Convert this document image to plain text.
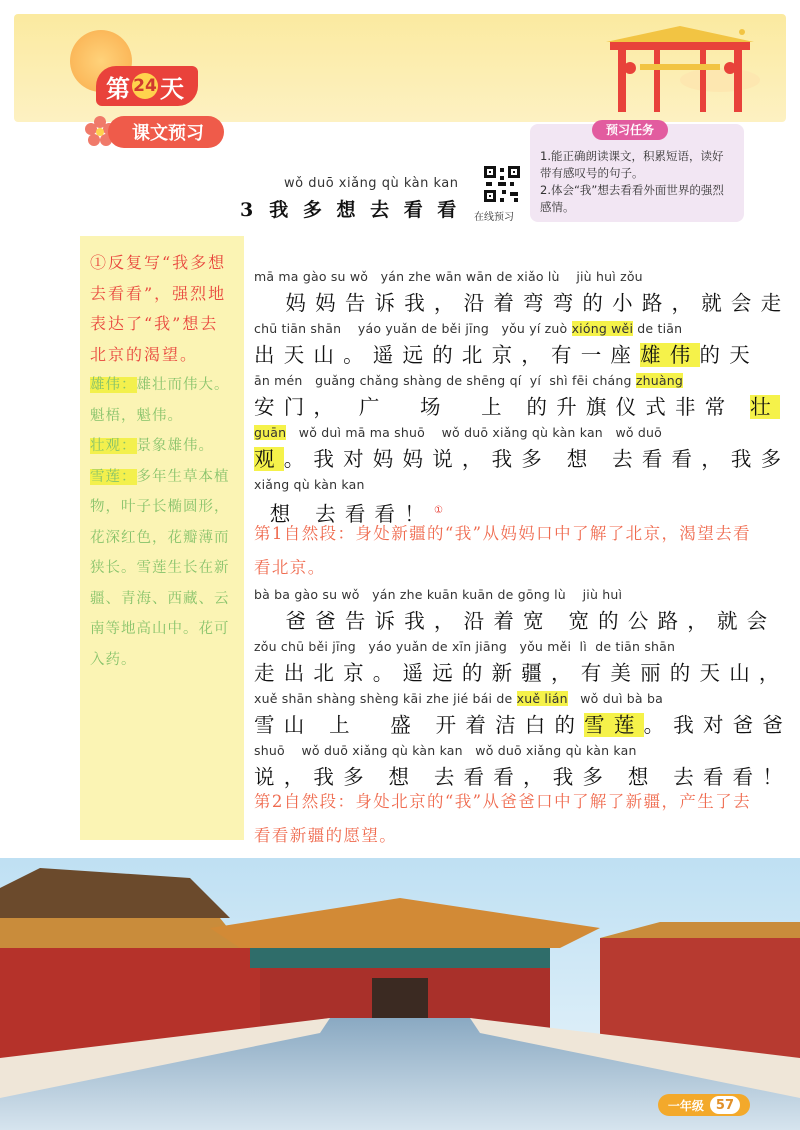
第 24 天
课文预习	预习任务
1.能正确朗读课文，积累短语，读好带有感叹号的句子。
2.体会“我”想去看看外面世界的强烈感情。
wǒ duō xiǎng qù kàn kan
3 我 多 想 去 看 看 在线预习
①反复写“我多想去看看”，强烈地表达了“我”想去北京的渴望。
雄伟：雄壮而伟大。魁梧，魁伟。
壮观：景象雄伟。
雪莲：多年生草本植物，叶子长椭圆形，花深红色，花瓣薄而狭长。雪莲生长在新疆、青海、西藏、云南等地高山中。花可入药。
mā ma gào su wǒ   yán zhe wān wān de xiǎo lù    jiù huì zǒu
妈妈告诉我，沿着弯弯的小路，就会走
chū tiān shān    yáo yuǎn de běi jīng   yǒu yí zuò xióng wěi de tiān
出天山。遥远的北京，有一座雄伟的天
ān mén   guǎng chǎng shàng de shēng qí  yí  shì fēi cháng zhuàng
安门， 广  场  上 的升旗仪式非常 壮
guān   wǒ duì mā ma shuō    wǒ duō xiǎng qù kàn kan   wǒ duō
观。我对妈妈说，我多 想 去看看，我多
xiǎng qù kàn kan
想 去看看！①
第1自然段：身处新疆的“我”从妈妈口中了解了北京，渴望去看看北京。
bà ba gào su wǒ   yán zhe kuān kuān de gōng lù    jiù huì
爸爸告诉我，沿着宽 宽的公路，就会
zǒu chū běi jīng   yáo yuǎn de xīn jiāng   yǒu měi  lì  de tiān shān
走出北京。遥远的新疆，有美丽的天山，
xuě shān shàng shèng kāi zhe jié bái de xuě lián   wǒ duì bà ba
雪山 上  盛 开着洁白的雪莲。我对爸爸
shuō    wǒ duō xiǎng qù kàn kan   wǒ duō xiǎng qù kàn kan
说，我多 想 去看看，我多 想 去看看！
第2自然段：身处北京的“我”从爸爸口中了解了新疆，产生了去看看新疆的愿望。
一年级 57
